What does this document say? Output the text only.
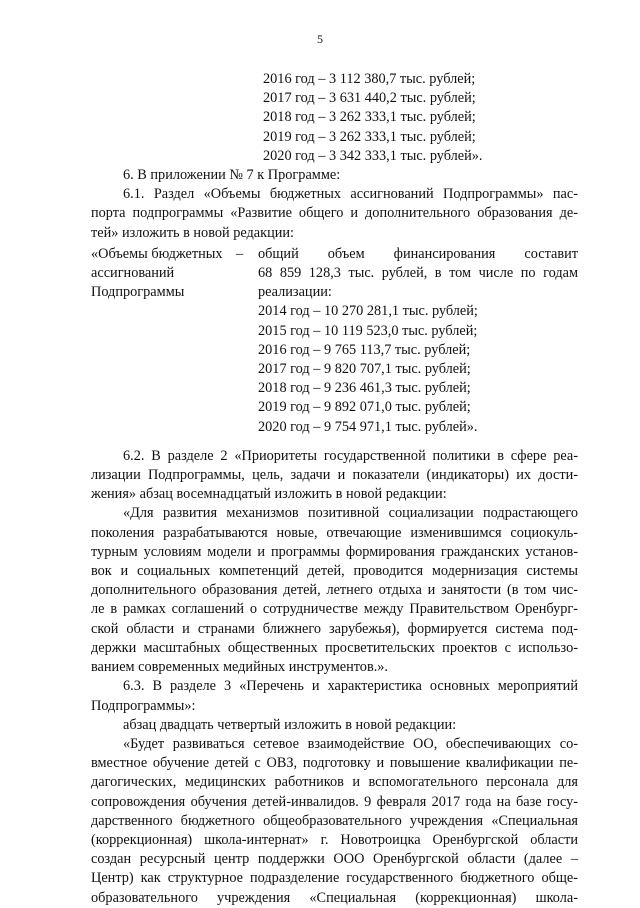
5

2016 год – 3 112 380,7 тыс. рублей;

2017 год – 3 631 440,2 тыс. рублей;

2018 год – 3 262 333,1 тыс. рублей;

2019 год – 3 262 333,1 тыс. рублей;

2020 год – 3 342 333,1 тыс. рублей».

6. В приложении № 7 к Программе:

6.1. Раздел «Объемы бюджетных ассигнований Подпрограммы» пас-

порта подпрограммы «Развитие общего и дополнительного образования де-

тей» изложить в новой редакции:

«Объемы бюджетных

ассигнований

Подпрограммы

–	общий объем финансирования составит

68 859 128,3 тыс. рублей, в том числе по годам

реализации:

2014 год – 10 270 281,1 тыс. рублей;

2015 год – 10 119 523,0 тыс. рублей;

2016 год – 9 765 113,7 тыс. рублей;

2017 год – 9 820 707,1 тыс. рублей;

2018 год – 9 236 461,3 тыс. рублей;

2019 год – 9 892 071,0 тыс. рублей;

2020 год – 9 754 971,1 тыс. рублей».

6.2. В разделе 2 «Приоритеты государственной политики в сфере реа-

лизации Подпрограммы, цель, задачи и показатели (индикаторы) их дости-

жения» абзац восемнадцатый изложить в новой редакции:

«Для развития механизмов позитивной социализации подрастающего

поколения разрабатываются новые, отвечающие изменившимся социокуль-

турным условиям модели и программы формирования гражданских установ-

вок и социальных компетенций детей, проводится модернизация системы

дополнительного образования детей, летнего отдыха и занятости (в том чис-

ле в рамках соглашений о сотрудничестве между Правительством Оренбург-

ской области и странами ближнего зарубежья), формируется система под-

держки масштабных общественных просветительских проектов с использо-

ванием современных медийных инструментов.».

6.3. В разделе 3 «Перечень и характеристика основных мероприятий

Подпрограммы»:

абзац двадцать четвертый изложить в новой редакции:

«Будет развиваться сетевое взаимодействие ОО, обеспечивающих со-

вместное обучение детей с ОВЗ, подготовку и повышение квалификации пе-

дагогических, медицинских работников и вспомогательного персонала для

сопровождения обучения детей-инвалидов. 9 февраля 2017 года на базе госу-

дарственного бюджетного общеобразовательного учреждения «Специальная

(коррекционная) школа-интернат» г. Новотроицка Оренбургской области

создан ресурсный центр поддержки ООО Оренбургской области (далее –

Центр) как структурное подразделение государственного бюджетного обще-

образовательного учреждения «Специальная (коррекционная) школа-
